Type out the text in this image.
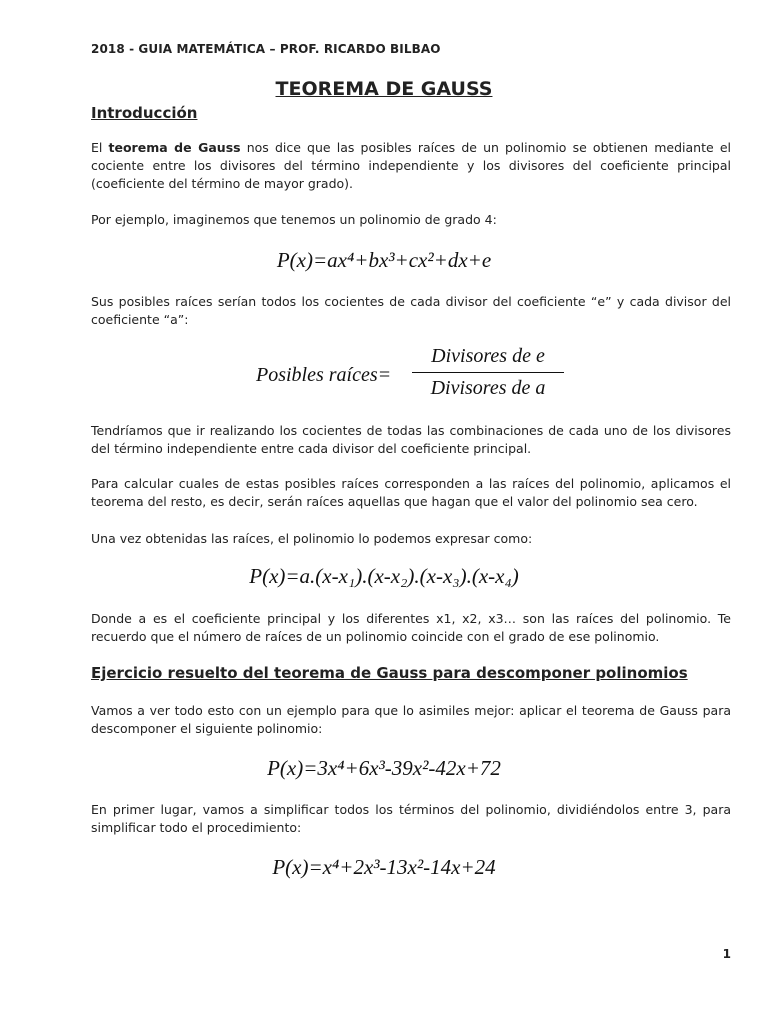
2018 - GUIA MATEMÁTICA – PROF. RICARDO BILBAO
TEOREMA DE GAUSS
Introducción

El teorema de Gauss nos dice que las posibles raíces de un polinomio se obtienen mediante el cociente entre los divisores del término independiente y los divisores del coeficiente principal (coeficiente del término de mayor grado).

Por ejemplo, imaginemos que tenemos un polinomio de grado 4:

P(x)=ax⁴+bx³+cx²+dx+e

Sus posibles raíces serían todos los cocientes de cada divisor del coeficiente “e” y cada divisor del coeficiente “a”:

Posibles raíces=
Divisores de e
Divisores de a

Tendríamos que ir realizando los cocientes de todas las combinaciones de cada uno de los divisores del término independiente entre cada divisor del coeficiente principal.

Para calcular cuales de estas posibles raíces corresponden a las raíces del polinomio, aplicamos el teorema del resto, es decir, serán raíces aquellas que hagan que el valor del polinomio sea cero.

Una vez obtenidas las raíces, el polinomio lo podemos expresar como:

P(x)=a.(x-x₁).(x-x₂).(x-x₃).(x-x₄)

Donde a es el coeficiente principal y los diferentes x1, x2, x3… son las raíces del polinomio. Te recuerdo que el número de raíces de un polinomio coincide con el grado de ese polinomio.

Ejercicio resuelto del teorema de Gauss para descomponer polinomios

Vamos a ver todo esto con un ejemplo para que lo asimiles mejor: aplicar el teorema de Gauss para descomponer el siguiente polinomio:

P(x)=3x⁴+6x³-39x²-42x+72

En primer lugar, vamos a simplificar todos los términos del polinomio, dividiéndolos entre 3, para simplificar todo el procedimiento:

P(x)=x⁴+2x³-13x²-14x+24
1
